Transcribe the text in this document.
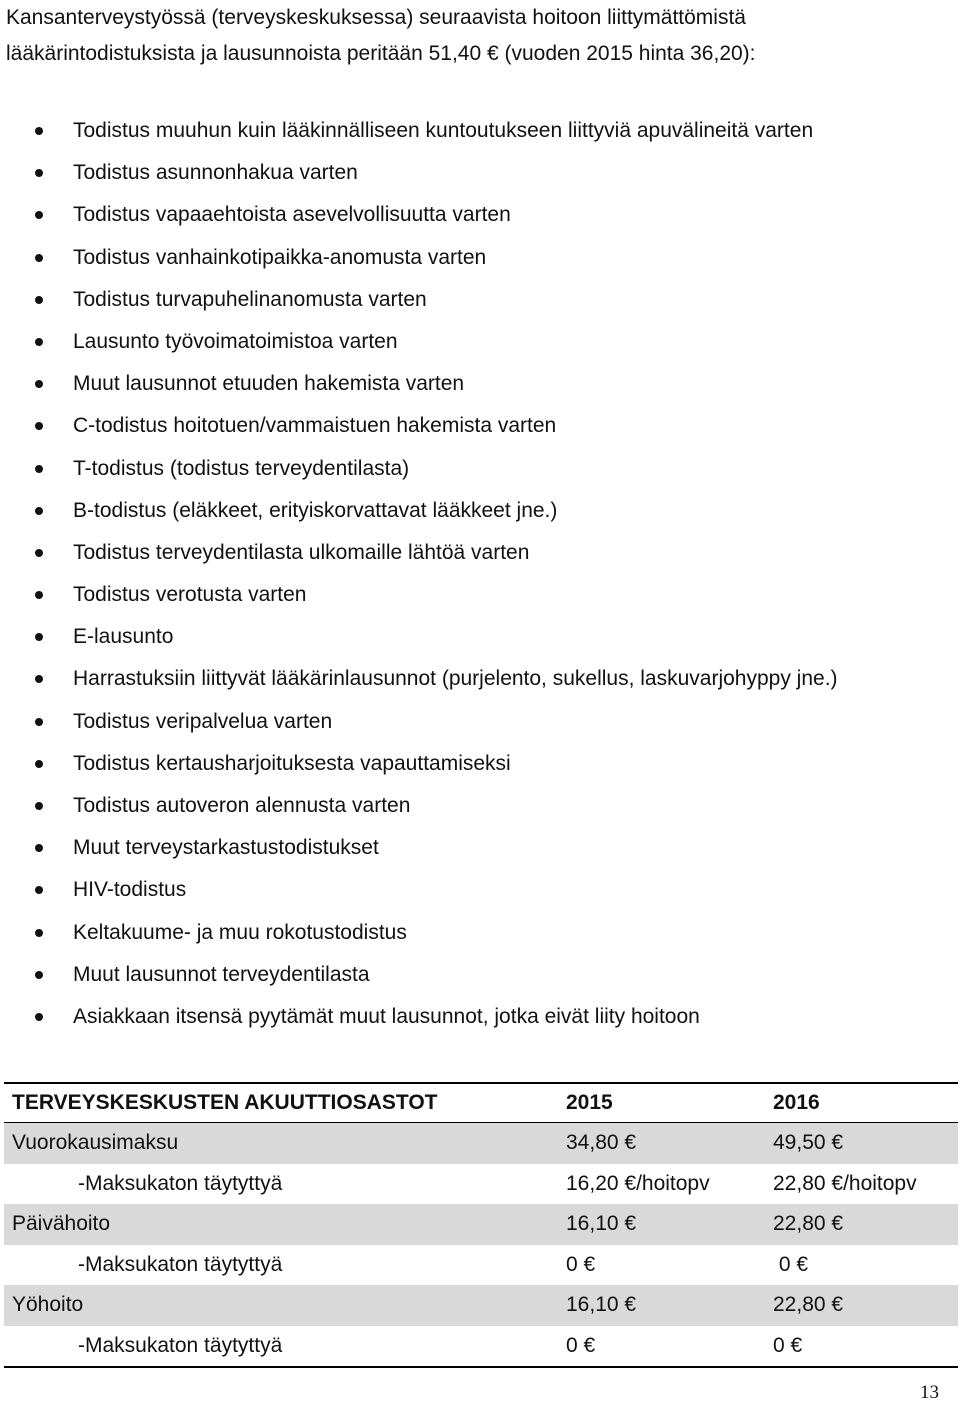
Kansanterveystyössä (terveyskeskuksessa) seuraavista hoitoon liittymättömistä

lääkärintodistuksista ja lausunnoista peritään 51,40 € (vuoden 2015 hinta 36,20):

Todistus muuhun kuin lääkinnälliseen kuntoutukseen liittyviä apuvälineitä varten
Todistus asunnonhakua varten
Todistus vapaaehtoista asevelvollisuutta varten
Todistus vanhainkotipaikka-anomusta varten
Todistus turvapuhelinanomusta varten
Lausunto työvoimatoimistoa varten
Muut lausunnot etuuden hakemista varten
C-todistus hoitotuen/vammaistuen hakemista varten
T-todistus (todistus terveydentilasta)
B-todistus (eläkkeet, erityiskorvattavat lääkkeet jne.)
Todistus terveydentilasta ulkomaille lähtöä varten
Todistus verotusta varten
E-lausunto
Harrastuksiin liittyvät lääkärinlausunnot (purjelento, sukellus, laskuvarjohyppy jne.)
Todistus veripalvelua varten
Todistus kertausharjoituksesta vapauttamiseksi
Todistus autoveron alennusta varten
Muut terveystarkastustodistukset
HIV-todistus
Keltakuume- ja muu rokotustodistus
Muut lausunnot terveydentilasta
Asiakkaan itsensä pyytämät muut lausunnot, jotka eivät liity hoitoon
TERVEYSKESKUSTEN AKUUTTIOSASTOT	2015	2016
Vuorokausimaksu	34,80 €	49,50 €
-Maksukaton täytyttyä	16,20 €/hoitopv	22,80 €/hoitopv
Päivähoito	16,10 €	22,80 €
-Maksukaton täytyttyä	0 €	0 €
Yöhoito	16,10 €	22,80 €
-Maksukaton täytyttyä	0 €	0 €
13
